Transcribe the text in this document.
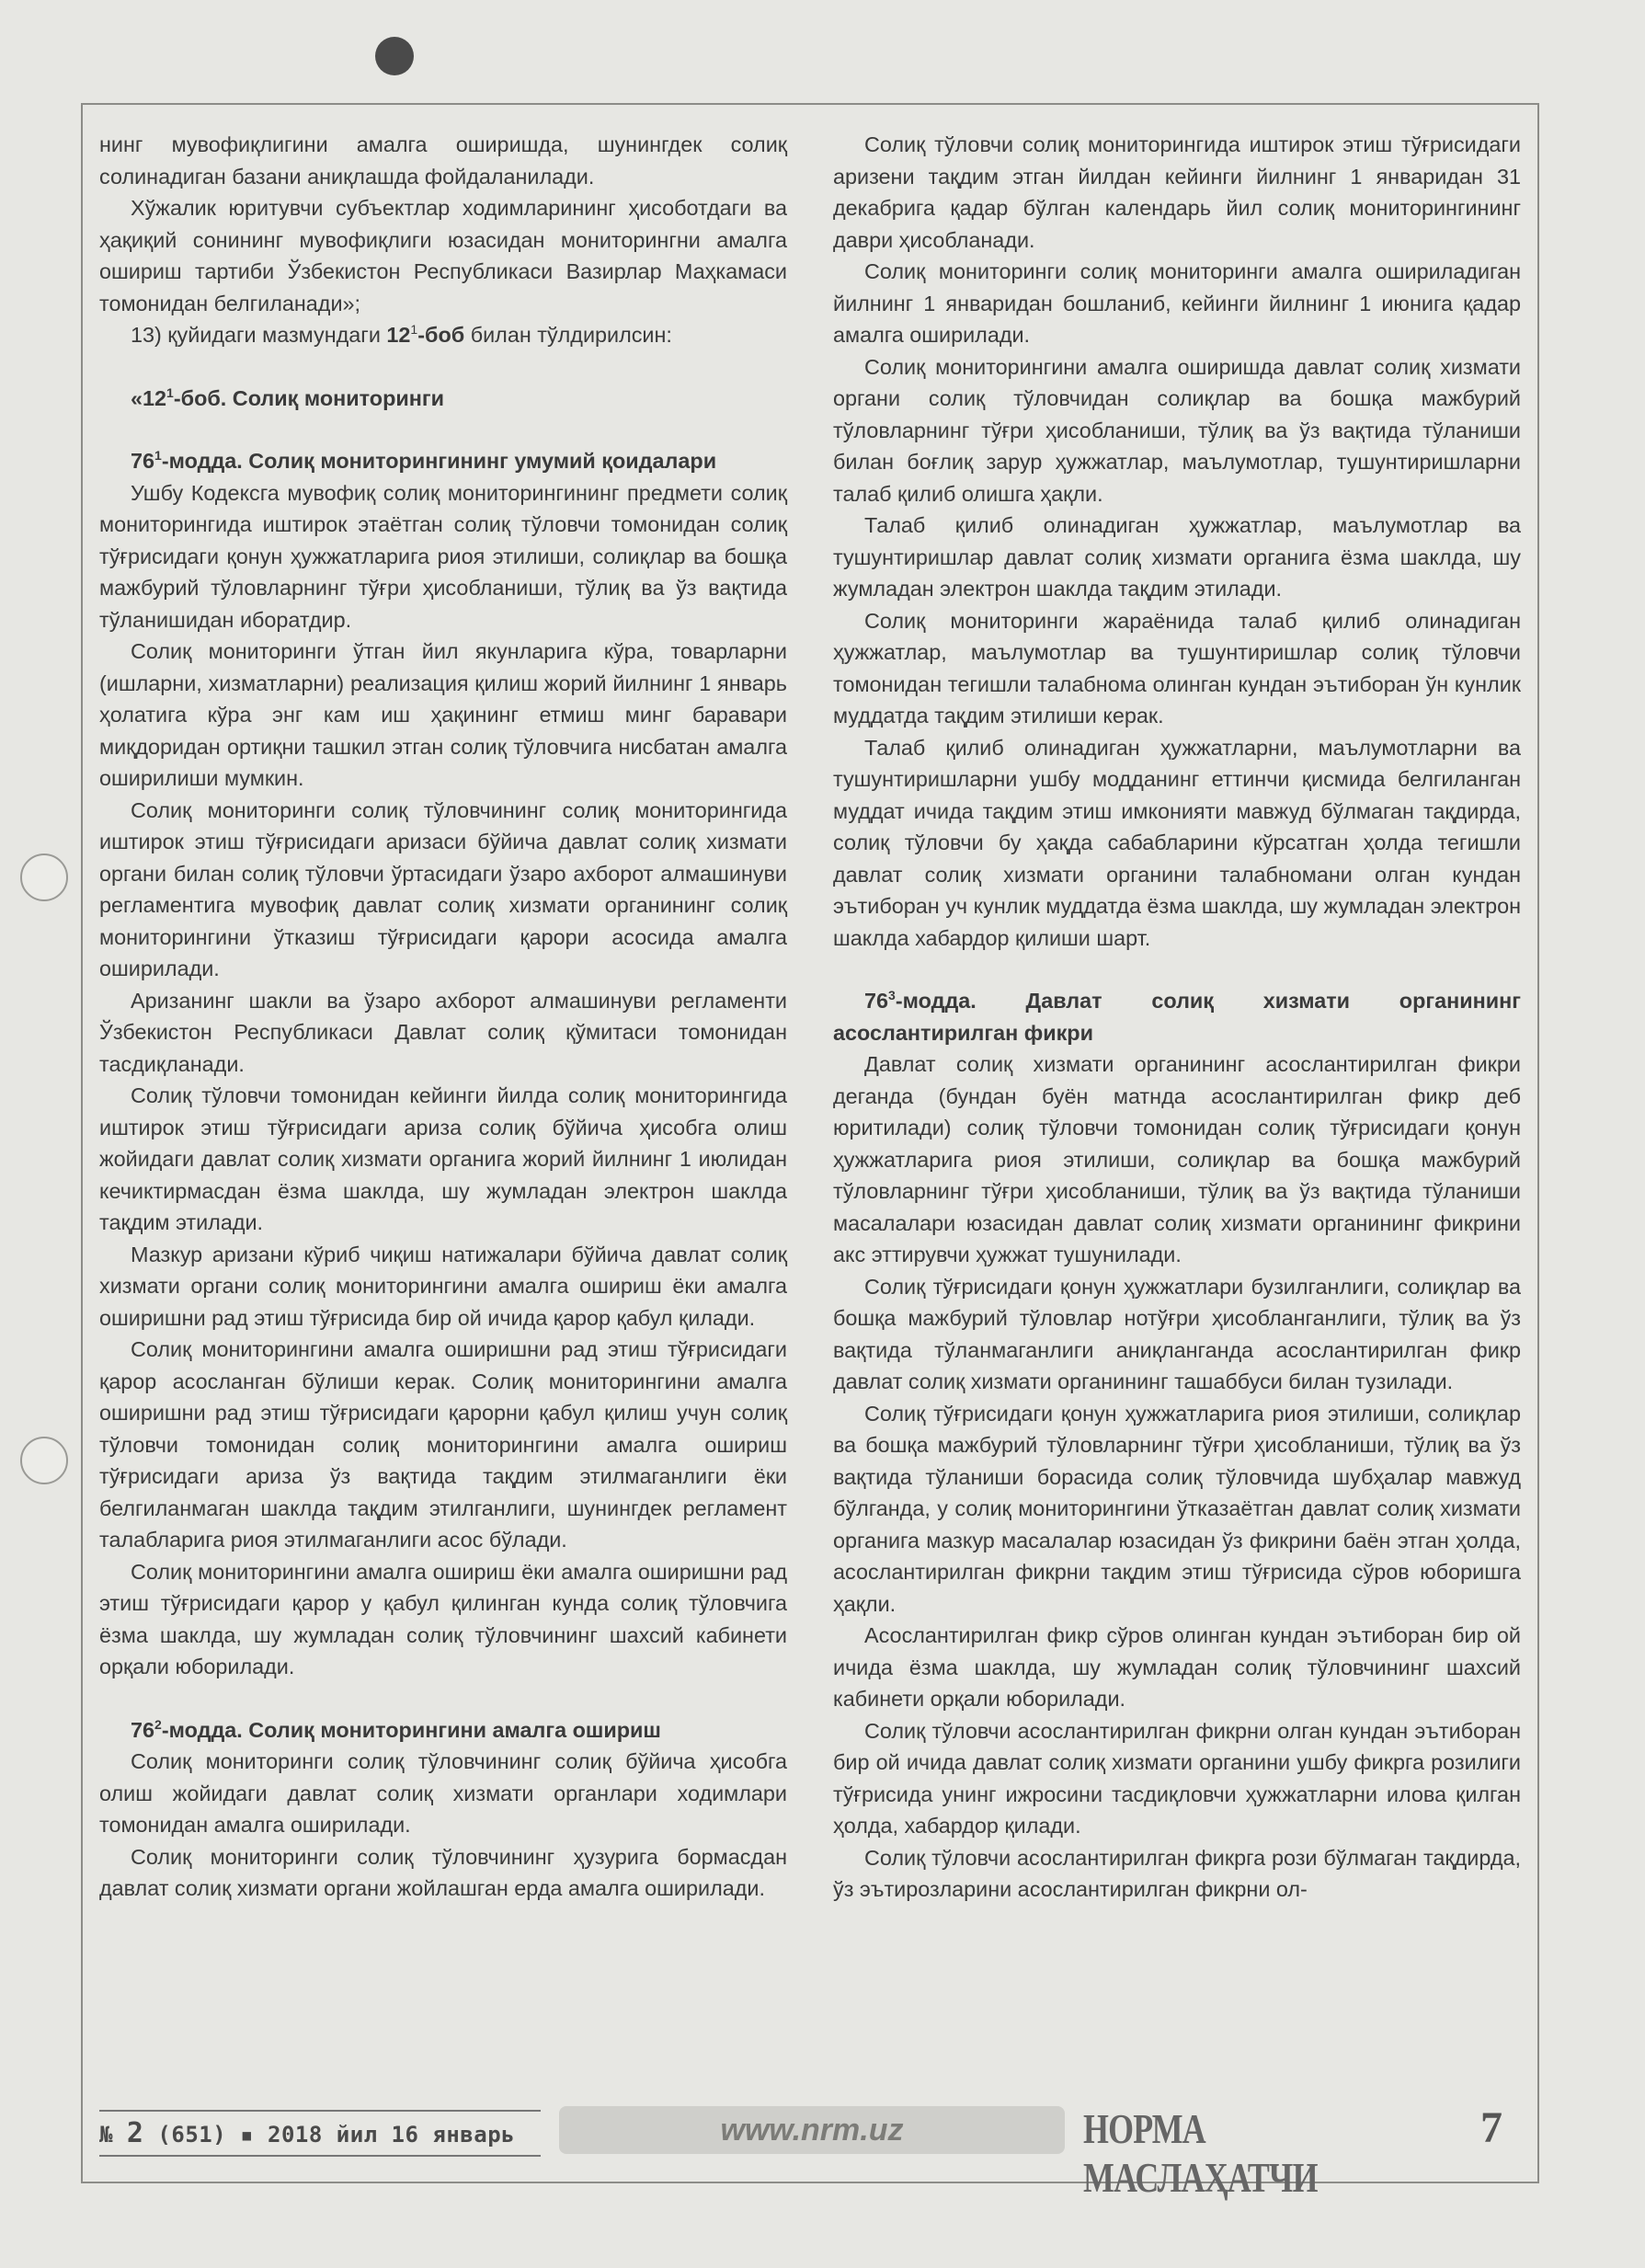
нинг мувофиқлигини амалга оширишда, шунингдек солиқ солинадиган базани аниқлашда фойдаланилади.

Хўжалик юритувчи субъектлар ходимларининг ҳисоботдаги ва ҳақиқий сонининг мувофиқлиги юзасидан мониторингни амалга ошириш тартиби Ўзбекистон Республикаси Вазирлар Маҳкамаси томонидан белгиланади»;

13) қуйидаги мазмундаги $12^1$-боб билан тўлдирилсин:

«$12^1$-боб. Солиқ мониторинги

$76^1$-модда. Солиқ мониторингининг умумий қоидалари

Ушбу Кодексга мувофиқ солиқ мониторингининг предмети солиқ мониторингида иштирок этаётган солиқ тўловчи томонидан солиқ тўғрисидаги қонун ҳужжатларига риоя этилиши, солиқлар ва бошқа мажбурий тўловларнинг тўғри ҳисобланиши, тўлиқ ва ўз вақтида тўланишидан иборатдир.

Солиқ мониторинги ўтган йил якунларига кўра, товарларни (ишларни, хизматларни) реализация қилиш жорий йилнинг 1 январь ҳолатига кўра энг кам иш ҳақининг етмиш минг баравари миқдоридан ортиқни ташкил этган солиқ тўловчига нисбатан амалга оширилиши мумкин.

Солиқ мониторинги солиқ тўловчининг солиқ мониторингида иштирок этиш тўғрисидаги аризаси бўйича давлат солиқ хизмати органи билан солиқ тўловчи ўртасидаги ўзаро ахборот алмашинуви регламентига мувофиқ давлат солиқ хизмати органининг солиқ мониторингини ўтказиш тўғрисидаги қарори асосида амалга оширилади.

Аризанинг шакли ва ўзаро ахборот алмашинуви регламенти Ўзбекистон Республикаси Давлат солиқ қўмитаси томонидан тасдиқланади.

Солиқ тўловчи томонидан кейинги йилда солиқ мониторингида иштирок этиш тўғрисидаги ариза солиқ бўйича ҳисобга олиш жойидаги давлат солиқ хизмати органига жорий йилнинг 1 июлидан кечиктирмасдан ёзма шаклда, шу жумладан электрон шаклда тақдим этилади.

Мазкур аризани кўриб чиқиш натижалари бўйича давлат солиқ хизмати органи солиқ мониторингини амалга ошириш ёки амалга оширишни рад этиш тўғрисида бир ой ичида қарор қабул қилади.

Солиқ мониторингини амалга оширишни рад этиш тўғрисидаги қарор асосланган бўлиши керак. Солиқ мониторингини амалга оширишни рад этиш тўғрисидаги қарорни қабул қилиш учун солиқ тўловчи томонидан солиқ мониторингини амалга ошириш тўғрисидаги ариза ўз вақтида тақдим этилмаганлиги ёки белгиланмаган шаклда тақдим этилганлиги, шунингдек регламент талабларига риоя этилмаганлиги асос бўлади.

Солиқ мониторингини амалга ошириш ёки амалга оширишни рад этиш тўғрисидаги қарор у қабул қилинган кунда солиқ тўловчига ёзма шаклда, шу жумладан солиқ тўловчининг шахсий кабинети орқали юборилади.

$76^2$-модда. Солиқ мониторингини амалга ошириш

Солиқ мониторинги солиқ тўловчининг солиқ бўйича ҳисобга олиш жойидаги давлат солиқ хизмати органлари ходимлари томонидан амалга оширилади.

Солиқ мониторинги солиқ тўловчининг ҳузурига бормасдан давлат солиқ хизмати органи жойлашган ерда амалга оширилади.

Солиқ тўловчи солиқ мониторингида иштирок этиш тўғрисидаги аризени тақдим этган йилдан кейинги йилнинг 1 январидан 31 декабрига қадар бўлган календарь йил солиқ мониторингининг даври ҳисобланади.

Солиқ мониторинги солиқ мониторинги амалга ошириладиган йилнинг 1 январидан бошланиб, кейинги йилнинг 1 июнига қадар амалга оширилади.

Солиқ мониторингини амалга оширишда давлат солиқ хизмати органи солиқ тўловчидан солиқлар ва бошқа мажбурий тўловларнинг тўғри ҳисобланиши, тўлиқ ва ўз вақтида тўланиши билан боғлиқ зарур ҳужжатлар, маълумотлар, тушунтиришларни талаб қилиб олишга ҳақли.

Талаб қилиб олинадиган ҳужжатлар, маълумотлар ва тушунтиришлар давлат солиқ хизмати органига ёзма шаклда, шу жумладан электрон шаклда тақдим этилади.

Солиқ мониторинги жараёнида талаб қилиб олинадиган ҳужжатлар, маълумотлар ва тушунтиришлар солиқ тўловчи томонидан тегишли талабнома олинган кундан эътиборан ўн кунлик муддатда тақдим этилиши керак.

Талаб қилиб олинадиган ҳужжатларни, маълумотларни ва тушунтиришларни ушбу модданинг еттинчи қисмида белгиланган муддат ичида тақдим этиш имконияти мавжуд бўлмаган тақдирда, солиқ тўловчи бу ҳақда сабабларини кўрсатган ҳолда тегишли давлат солиқ хизмати органини талабномани олган кундан эътиборан уч кунлик муддатда ёзма шаклда, шу жумладан электрон шаклда хабардор қилиши шарт.

$76^3$-модда. Давлат солиқ хизмати органининг асослантирилган фикри

Давлат солиқ хизмати органининг асослантирилган фикри деганда (бундан буён матнда асослантирилган фикр деб юритилади) солиқ тўловчи томонидан солиқ тўғрисидаги қонун ҳужжатларига риоя этилиши, солиқлар ва бошқа мажбурий тўловларнинг тўғри ҳисобланиши, тўлиқ ва ўз вақтида тўланиши масалалари юзасидан давлат солиқ хизмати органининг фикрини акс эттирувчи ҳужжат тушунилади.

Солиқ тўғрисидаги қонун ҳужжатлари бузилганлиги, солиқлар ва бошқа мажбурий тўловлар нотўғри ҳисобланганлиги, тўлиқ ва ўз вақтида тўланмаганлиги аниқланганда асослантирилган фикр давлат солиқ хизмати органининг ташаббуси билан тузилади.

Солиқ тўғрисидаги қонун ҳужжатларига риоя этилиши, солиқлар ва бошқа мажбурий тўловларнинг тўғри ҳисобланиши, тўлиқ ва ўз вақтида тўланиши борасида солиқ тўловчида шубҳалар мавжуд бўлганда, у солиқ мониторингини ўтказаётган давлат солиқ хизмати органига мазкур масалалар юзасидан ўз фикрини баён этган ҳолда, асослантирилган фикрни тақдим этиш тўғрисида сўров юборишга ҳақли.

Асослантирилган фикр сўров олинган кундан эътиборан бир ой ичида ёзма шаклда, шу жумладан солиқ тўловчининг шахсий кабинети орқали юборилади.

Солиқ тўловчи асослантирилган фикрни олган кундан эътиборан бир ой ичида давлат солиқ хизмати органини ушбу фикрга розилиги тўғрисида унинг ижросини тасдиқловчи ҳужжатларни илова қилган ҳолда, хабардор қилади.

Солиқ тўловчи асослантирилган фикрга рози бўлмаган тақдирда, ўз эътирозларини асослантирилган фикрни ол-

№ 2 (651) ▪ 2018 йил 16 январь	www.nrm.uz	НОРМА МАСЛАҲАТЧИ
7
